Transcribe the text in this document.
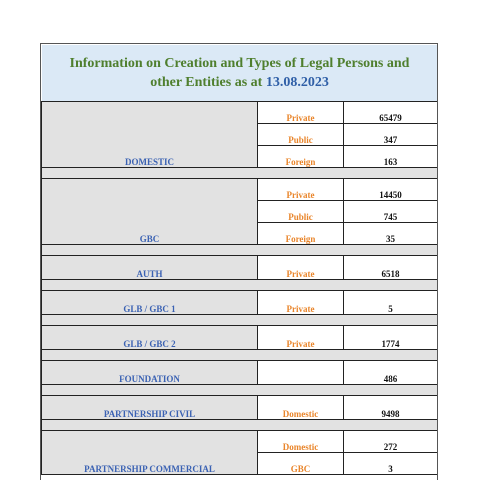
Information on Creation and Types of Legal Persons and
other Entities as at 13.08.2023
DOMESTIC	Private	65479
	Public	347
	Foreign	163

GBC	Private	14450
	Public	745
	Foreign	35

AUTH	Private	6518

GLB / GBC 1	Private	5

GLB / GBC 2	Private	1774

FOUNDATION		486

PARTNERSHIP CIVIL	Domestic	9498

PARTNERSHIP COMMERCIAL	Domestic	272
	GBC	3
